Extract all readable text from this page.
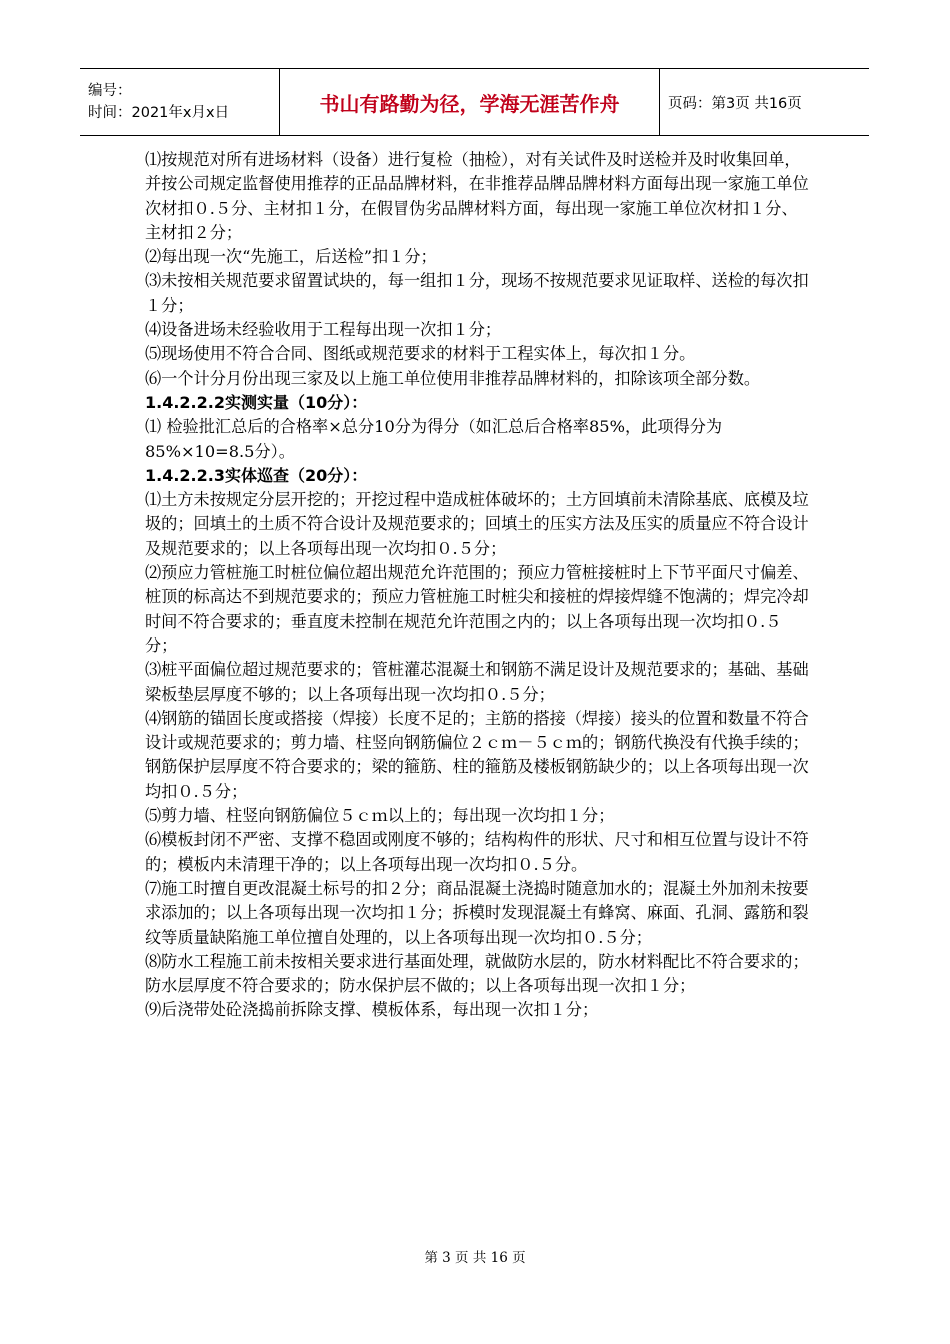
编号：
时间：2021年x月x日	书山有路勤为径，学海无涯苦作舟	页码：第3页 共16页

⑴按规范对所有进场材料（设备）进行复检（抽检），对有关试件及时送检并及时收集回单，并按公司规定监督使用推荐的正品品牌材料，在非推荐品牌品牌材料方面每出现一家施工单位次材扣０.５分、主材扣１分，在假冒伪劣品牌材料方面，每出现一家施工单位次材扣１分、主材扣２分；

⑵每出现一次“先施工，后送检”扣１分；

⑶未按相关规范要求留置试块的，每一组扣１分，现场不按规范要求见证取样、送检的每次扣１分；

⑷设备进场未经验收用于工程每出现一次扣１分；

⑸现场使用不符合合同、图纸或规范要求的材料于工程实体上，每次扣１分。

⑹一个计分月份出现三家及以上施工单位使用非推荐品牌材料的，扣除该项全部分数。

1.4.2.2.2实测实量（10分）：

⑴ 检验批汇总后的合格率×总分10分为得分（如汇总后合格率85%，此项得分为85%×10=8.5分）。

1.4.2.2.3实体巡查（20分）：

⑴土方未按规定分层开挖的；开挖过程中造成桩体破坏的；土方回填前未清除基底、底模及垃圾的；回填土的土质不符合设计及规范要求的；回填土的压实方法及压实的质量应不符合设计及规范要求的；以上各项每出现一次均扣０.５分；

⑵预应力管桩施工时桩位偏位超出规范允许范围的；预应力管桩接桩时上下节平面尺寸偏差、桩顶的标高达不到规范要求的；预应力管桩施工时桩尖和接桩的焊接焊缝不饱满的；焊完冷却时间不符合要求的；垂直度未控制在规范允许范围之内的；以上各项每出现一次均扣０.５分；

⑶桩平面偏位超过规范要求的；管桩灌芯混凝土和钢筋不满足设计及规范要求的；基础、基础梁板垫层厚度不够的；以上各项每出现一次均扣０.５分；

⑷钢筋的锚固长度或搭接（焊接）长度不足的；主筋的搭接（焊接）接头的位置和数量不符合设计或规范要求的；剪力墙、柱竖向钢筋偏位２ｃｍ－５ｃｍ的；钢筋代换没有代换手续的；钢筋保护层厚度不符合要求的；梁的箍筋、柱的箍筋及楼板钢筋缺少的；以上各项每出现一次均扣０.５分；

⑸剪力墙、柱竖向钢筋偏位５ｃｍ以上的；每出现一次均扣１分；

⑹模板封闭不严密、支撑不稳固或刚度不够的；结构构件的形状、尺寸和相互位置与设计不符的；模板内未清理干净的；以上各项每出现一次均扣０.５分。

⑺施工时擅自更改混凝土标号的扣２分；商品混凝土浇捣时随意加水的；混凝土外加剂未按要求添加的；以上各项每出现一次均扣１分；拆模时发现混凝土有蜂窝、麻面、孔洞、露筋和裂纹等质量缺陷施工单位擅自处理的，以上各项每出现一次均扣０.５分；

⑻防水工程施工前未按相关要求进行基面处理，就做防水层的，防水材料配比不符合要求的；防水层厚度不符合要求的；防水保护层不做的；以上各项每出现一次扣１分；

⑼后浇带处砼浇捣前拆除支撑、模板体系，每出现一次扣１分；

第 3 页 共 16 页
